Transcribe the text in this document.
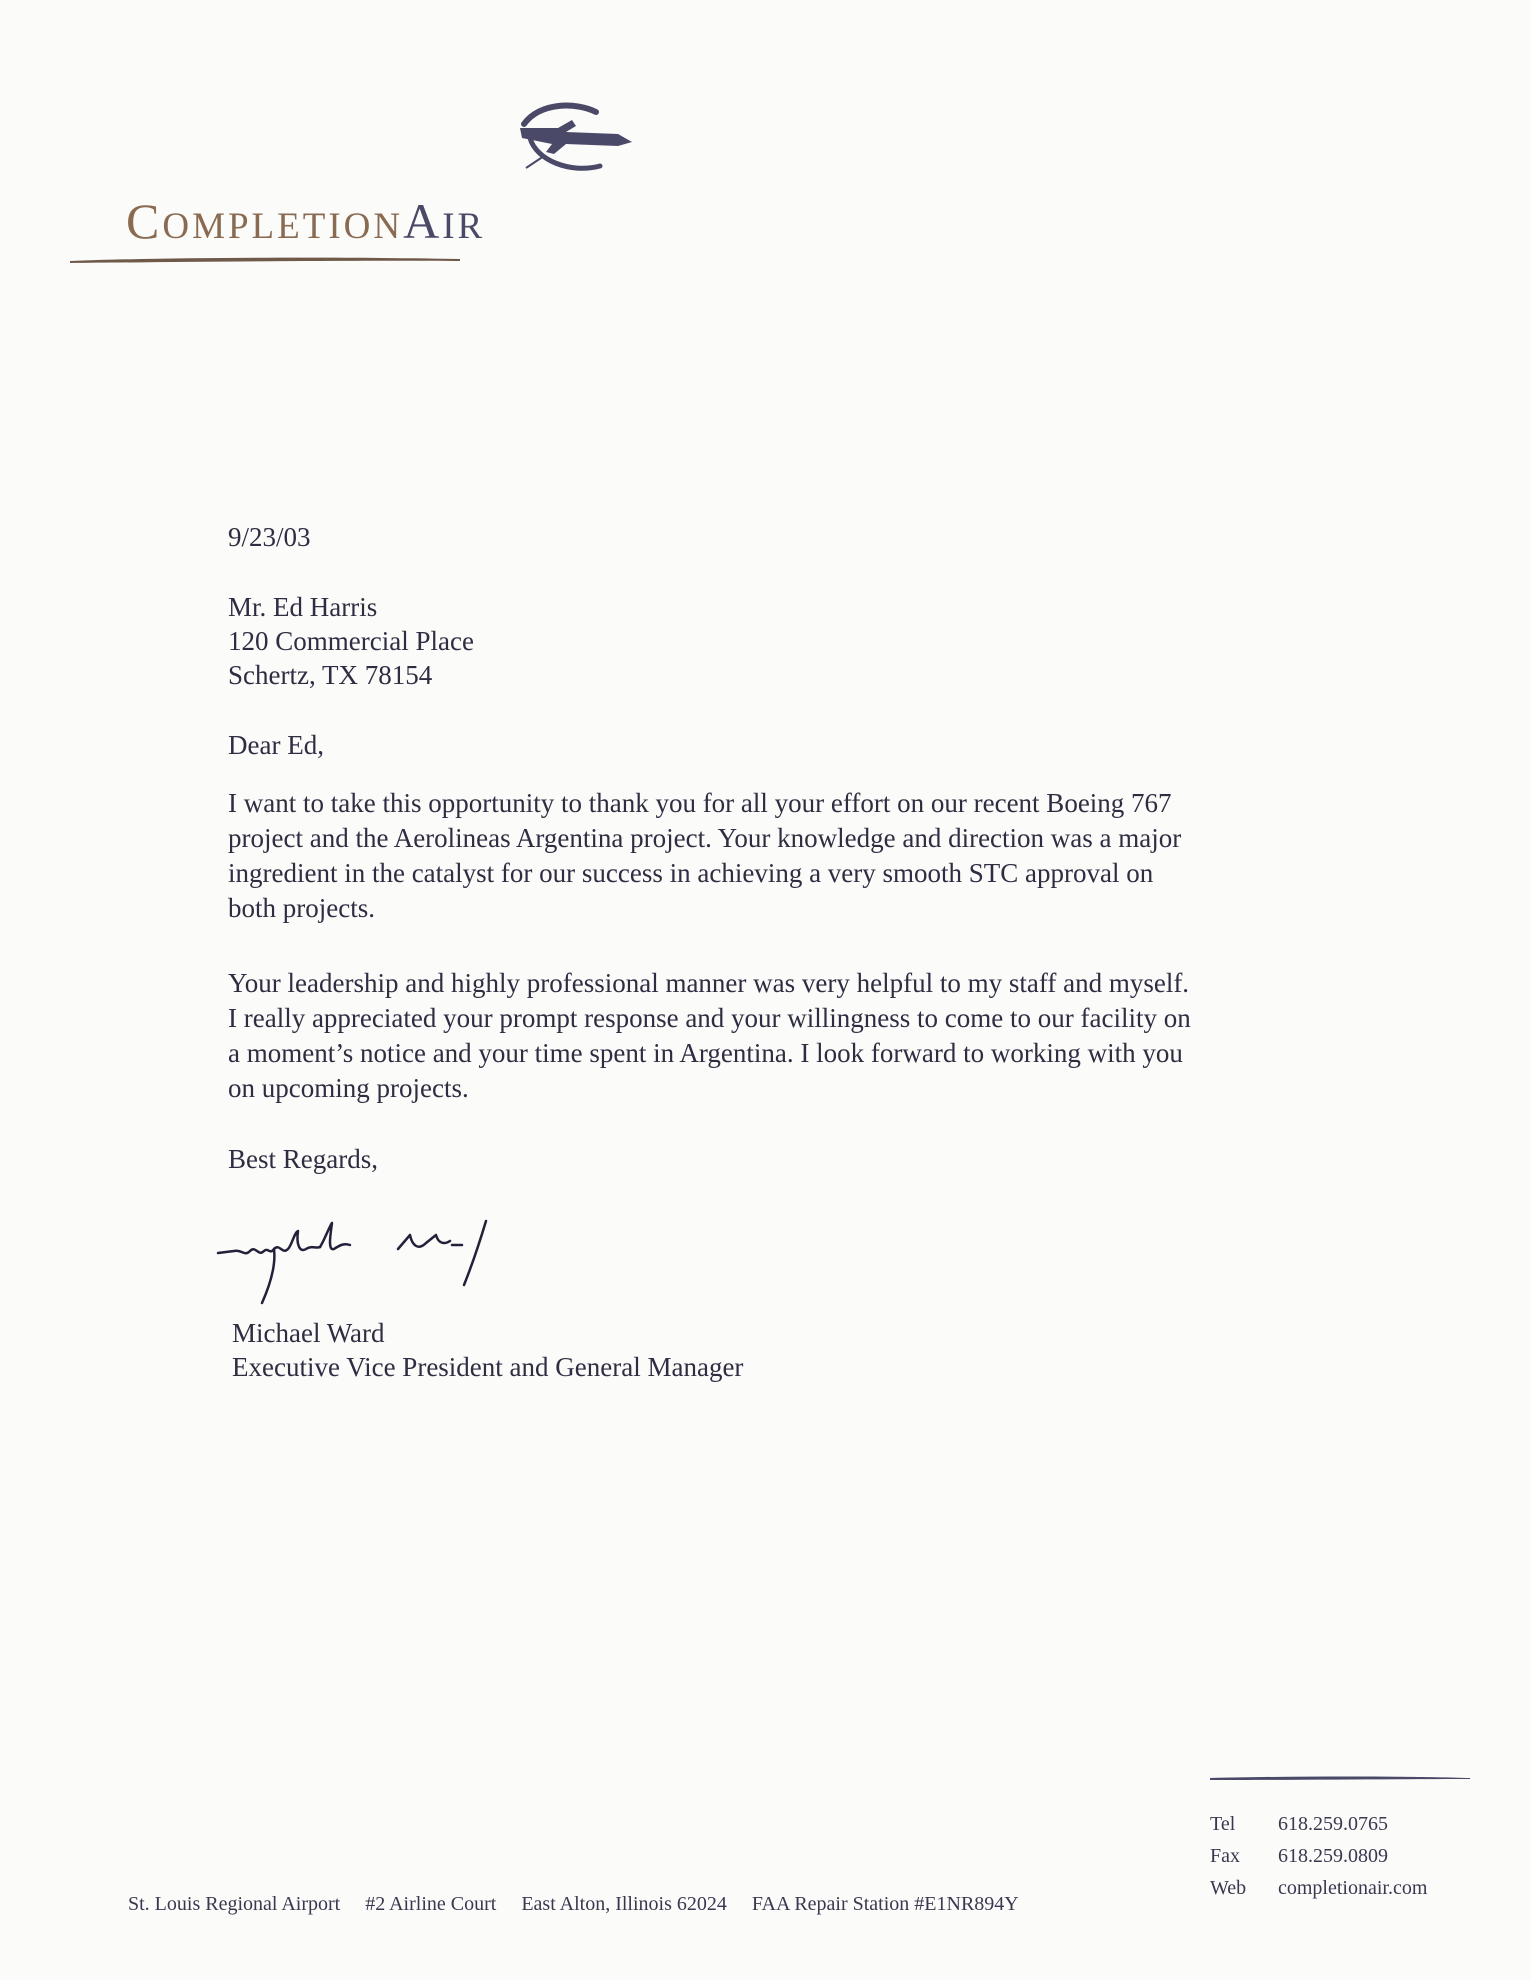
COMPLETIONAIR
9/23/03
Mr. Ed Harris
120 Commercial Place
Schertz, TX 78154
Dear Ed,
I want to take this opportunity to thank you for all your effort on our recent Boeing 767
project and the Aerolineas Argentina project. Your knowledge and direction was a major
ingredient in the catalyst for our success in achieving a very smooth STC approval on
both projects.
Your leadership and highly professional manner was very helpful to my staff and myself.
I really appreciated your prompt response and your willingness to come to our facility on
a moment’s notice and your time spent in Argentina. I look forward to working with you
on upcoming projects.
Best Regards,
Michael Ward
Executive Vice President and General Manager
Tel	618.259.0765
Fax	618.259.0809
Web	completionair.com
St. Louis Regional Airport #2 Airline Court East Alton, Illinois 62024 FAA Repair Station #E1NR894Y
